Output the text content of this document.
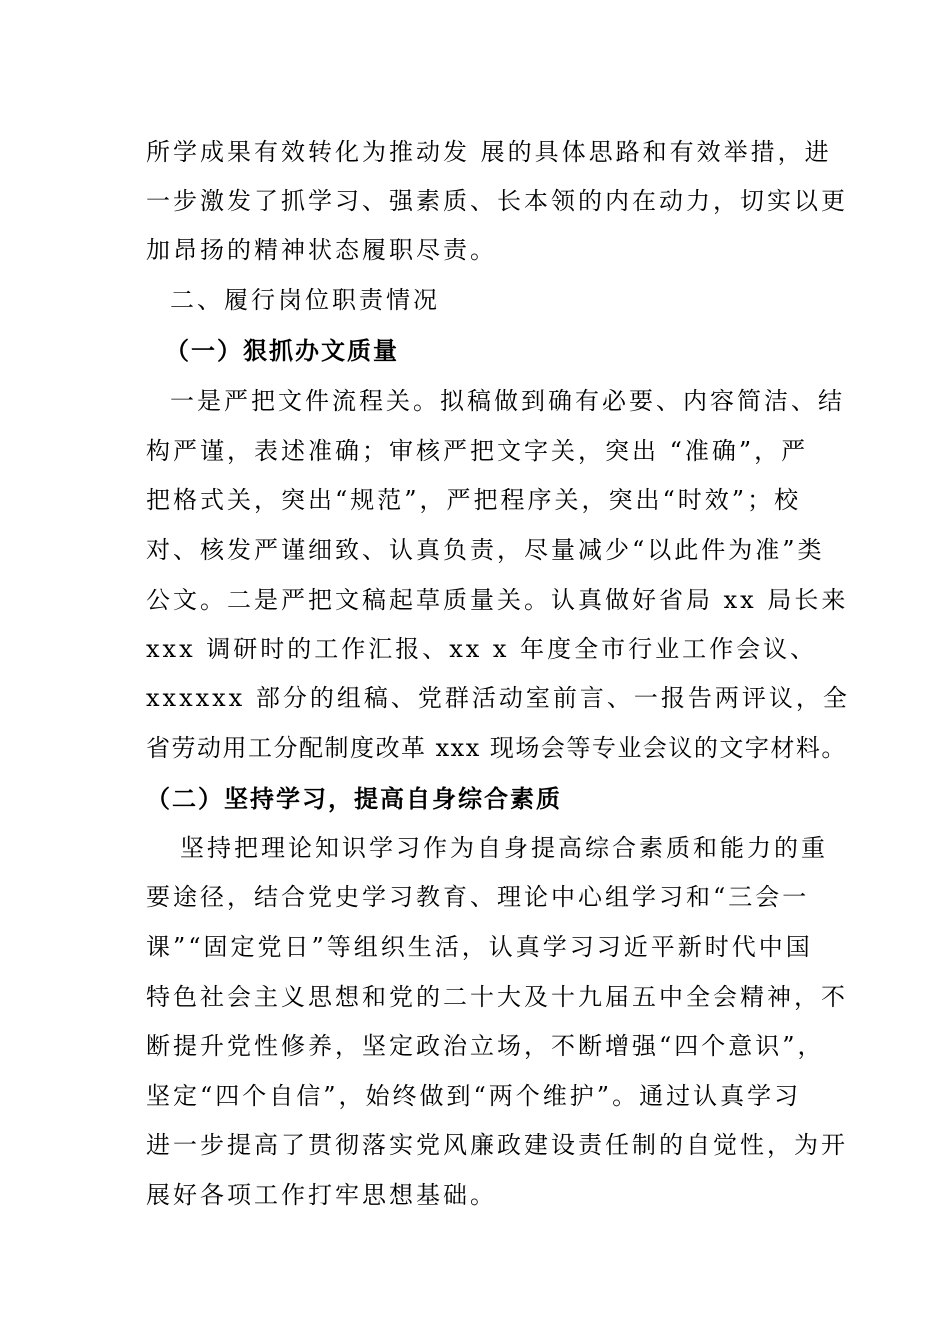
所学成果有效转化为推动发 展的具体思路和有效举措，进
一步激发了抓学习、强素质、长本领的内在动力，切实以更
加昂扬的精神状态履职尽责。
二、履行岗位职责情况
（一）狠抓办文质量
一是严把文件流程关。拟稿做到确有必要、内容简洁、结
构严谨，表述准确；审核严把文字关，突出 “准确”，严
把格式关，突出“规范”，严把程序关，突出“时效”；校
对、核发严谨细致、认真负责，尽量减少“以此件为准”类
公文。二是严把文稿起草质量关。认真做好省局 xx 局长来
xxx 调研时的工作汇报、xx x 年度全市行业工作会议、
xxxxxx 部分的组稿、党群活动室前言、一报告两评议，全
省劳动用工分配制度改革 xxx 现场会等专业会议的文字材料。
（二）坚持学习，提高自身综合素质
坚持把理论知识学习作为自身提高综合素质和能力的重
要途径，结合党史学习教育、理论中心组学习和“三会一
课”“固定党日”等组织生活，认真学习习近平新时代中国
特色社会主义思想和党的二十大及十九届五中全会精神，不
断提升党性修养，坚定政治立场，不断增强“四个意识”，
坚定“四个自信”，始终做到“两个维护”。通过认真学习
进一步提高了贯彻落实党风廉政建设责任制的自觉性，为开
展好各项工作打牢思想基础。
